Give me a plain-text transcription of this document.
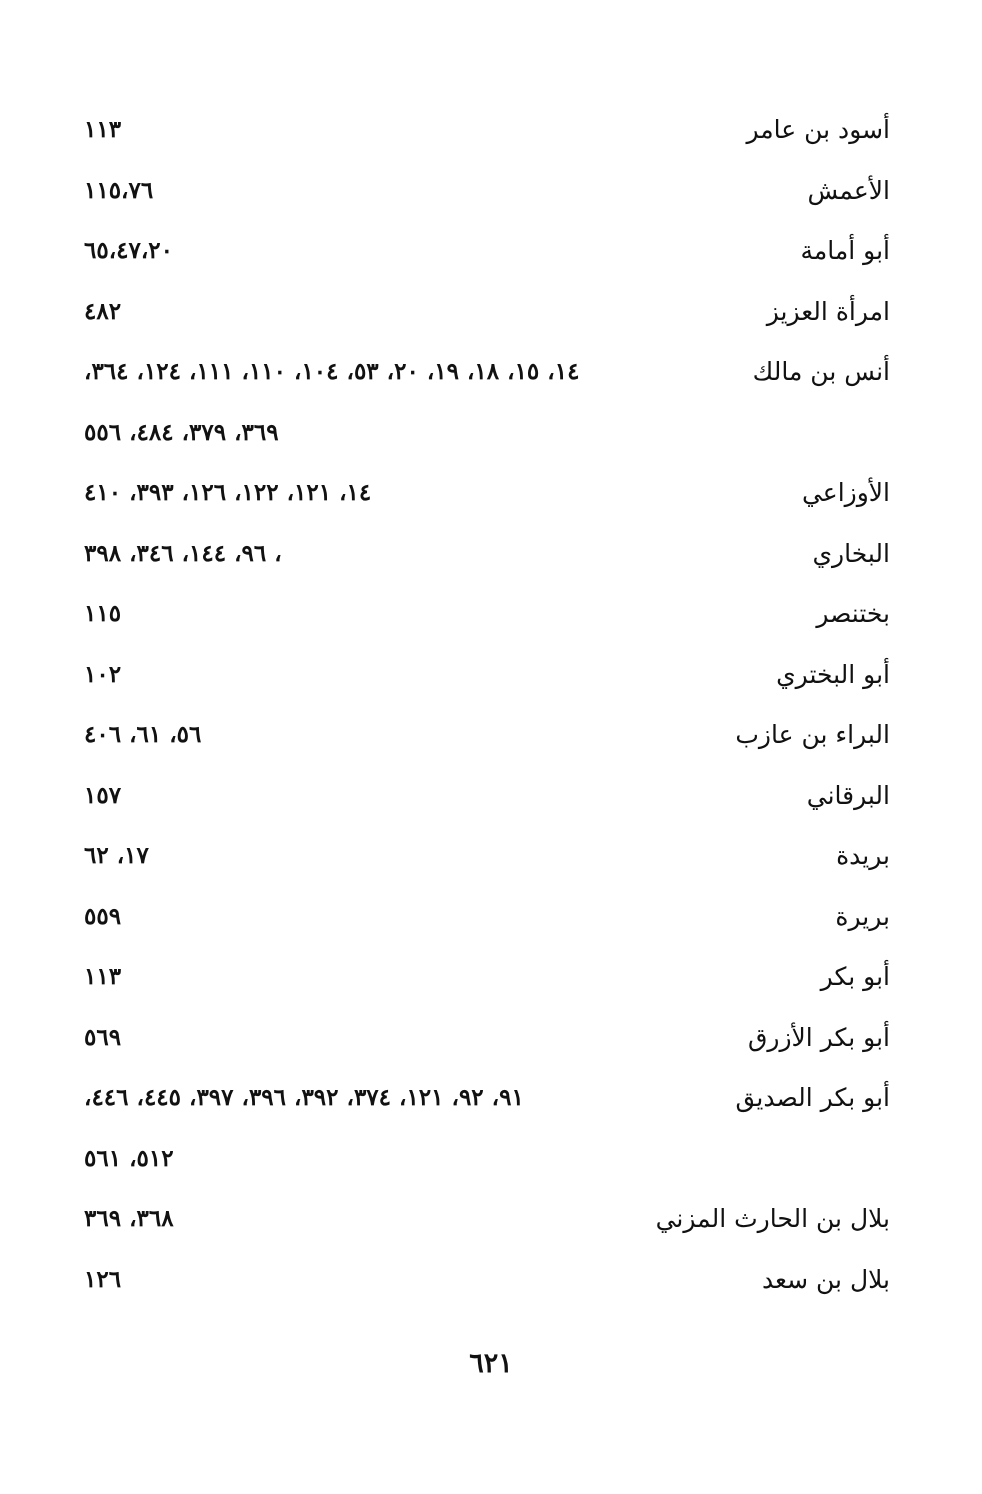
أسود بن عامر
١١٣
الأعمش
١١٥،٧٦
أبو أمامة
٦٥،٤٧،٢٠
امرأة العزيز
٤٨٢
أنس بن مالك
١٤، ١٥، ١٨، ١٩، ٢٠، ٥٣، ١٠٤، ١١٠، ١١١، ١٢٤، ٣٦٤،
٣٦٩، ٣٧٩، ٤٨٤، ٥٥٦
الأوزاعي
١٤، ١٢١، ١٢٢، ١٢٦، ٣٩٣، ٤١٠
البخاري
، ٩٦، ١٤٤، ٣٤٦، ٣٩٨
بختنصر
١١٥
أبو البختري
١٠٢
البراء بن عازب
٥٦، ٦١، ٤٠٦
البرقاني
١٥٧
بريدة
١٧، ٦٢
بريرة
٥٥٩
أبو بكر
١١٣
أبو بكر الأزرق
٥٦٩
أبو بكر الصديق
٩١، ٩٢، ١٢١، ٣٧٤، ٣٩٢، ٣٩٦، ٣٩٧، ٤٤٥، ٤٤٦،
٥١٢، ٥٦١
بلال بن الحارث المزني
٣٦٨، ٣٦٩
بلال بن سعد
١٢٦
٦٢١
